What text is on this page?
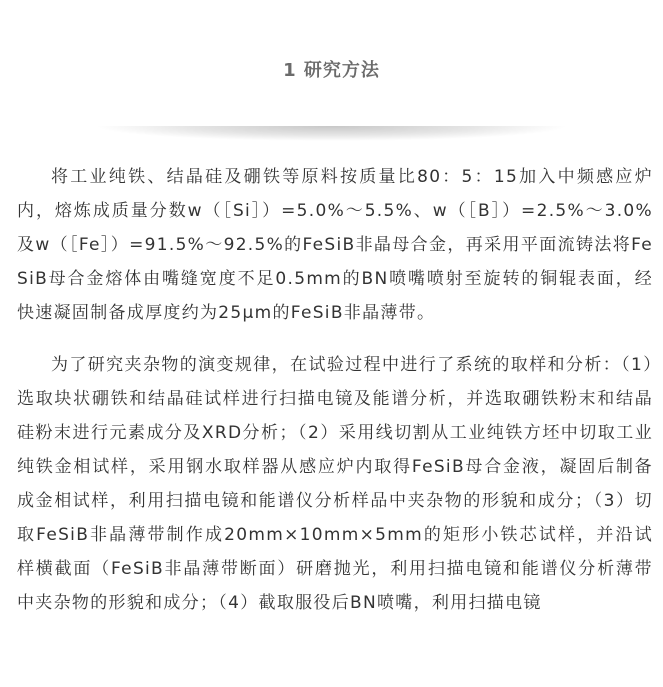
1 研究方法

将工业纯铁、结晶硅及硼铁等原料按质量比80：5：15加入中频感应炉内，熔炼成质量分数w（［Si］）=5.0%～5.5%、w（［B］）=2.5%～3.0%及w（［Fe］）=91.5%～92.5%的FeSiB非晶母合金，再采用平面流铸法将FeSiB母合金熔体由嘴缝宽度不足0.5mm的BN喷嘴喷射至旋转的铜辊表面，经快速凝固制备成厚度约为25μm的FeSiB非晶薄带。

为了研究夹杂物的演变规律，在试验过程中进行了系统的取样和分析：（1）选取块状硼铁和结晶硅试样进行扫描电镜及能谱分析，并选取硼铁粉末和结晶硅粉末进行元素成分及XRD分析；（2）采用线切割从工业纯铁方坯中切取工业纯铁金相试样，采用钢水取样器从感应炉内取得FeSiB母合金液，凝固后制备成金相试样，利用扫描电镜和能谱仪分析样品中夹杂物的形貌和成分；（3）切取FeSiB非晶薄带制作成20mm×10mm×5mm的矩形小铁芯试样，并沿试样横截面（FeSiB非晶薄带断面）研磨抛光，利用扫描电镜和能谱仪分析薄带中夹杂物的形貌和成分；（4）截取服役后BN喷嘴，利用扫描电镜
